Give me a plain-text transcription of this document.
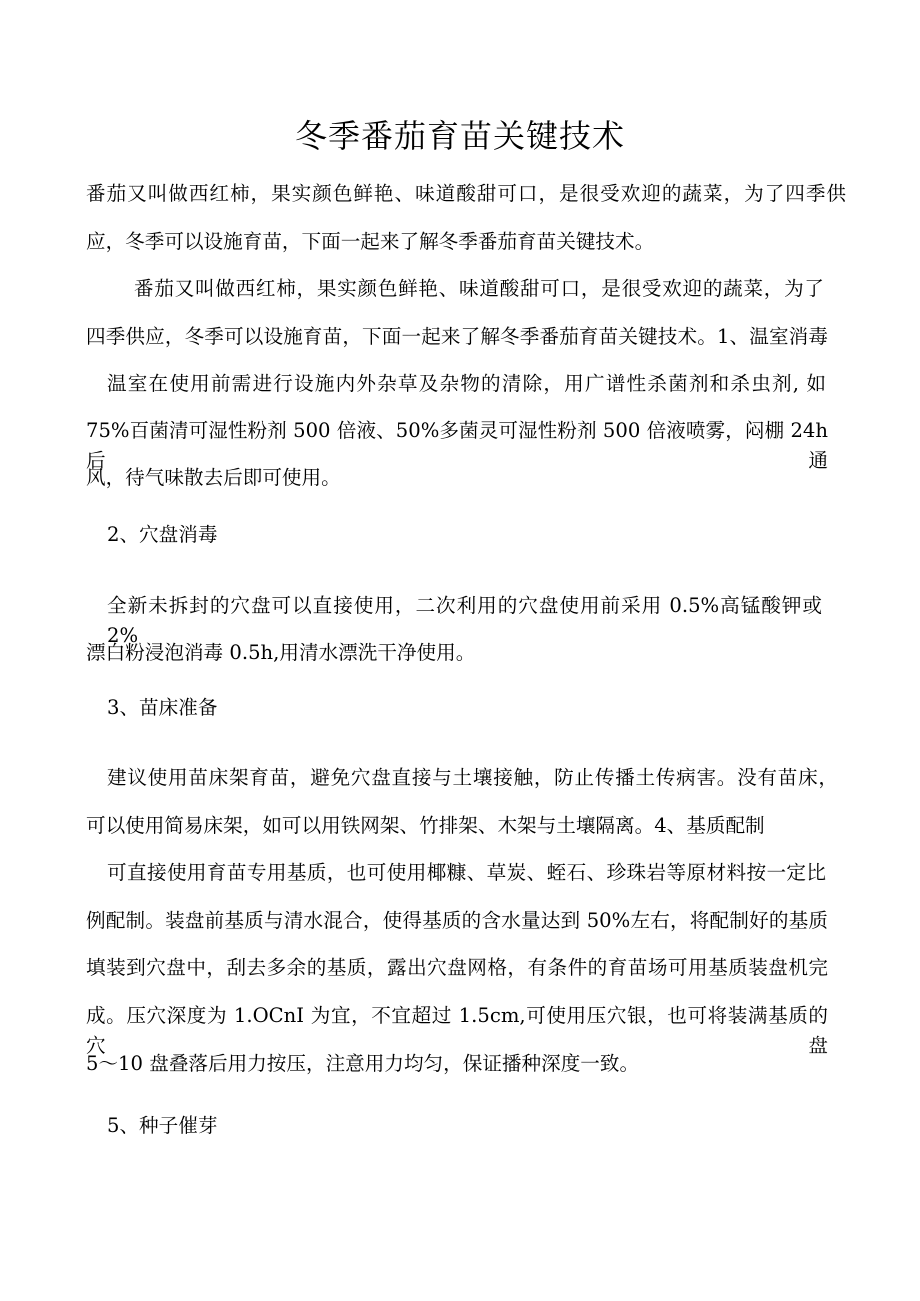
冬季番茄育苗关键技术

番茄又叫做西红柿，果实颜色鲜艳、味道酸甜可口，是很受欢迎的蔬菜，为了四季供

应，冬季可以设施育苗，下面一起来了解冬季番茄育苗关键技术。

番茄又叫做西红柿，果实颜色鲜艳、味道酸甜可口，是很受欢迎的蔬菜，为了

四季供应，冬季可以设施育苗，下面一起来了解冬季番茄育苗关键技术。1、温室消毒

温室在使用前需进行设施内外杂草及杂物的清除，用广谱性杀菌剂和杀虫剂, 如

75%百菌清可湿性粉剂 500 倍液、50%多菌灵可湿性粉剂 500 倍液喷雾，闷棚 24h 后通

风，待气味散去后即可使用。

2、穴盘消毒

全新未拆封的穴盘可以直接使用，二次利用的穴盘使用前采用 0.5%高锰酸钾或 2%

漂白粉浸泡消毒 0.5h,用清水漂洗干净使用。

3、苗床准备

建议使用苗床架育苗，避免穴盘直接与土壤接触，防止传播土传病害。没有苗床，

可以使用简易床架，如可以用铁网架、竹排架、木架与土壤隔离。4、基质配制

可直接使用育苗专用基质，也可使用椰糠、草炭、蛭石、珍珠岩等原材料按一定比

例配制。装盘前基质与清水混合，使得基质的含水量达到 50%左右，将配制好的基质

填装到穴盘中，刮去多余的基质，露出穴盘网格，有条件的育苗场可用基质装盘机完

成。压穴深度为 1.OCnI 为宜，不宜超过 1.5cm,可使用压穴银，也可将装满基质的穴盘

5～10 盘叠落后用力按压，注意用力均匀，保证播种深度一致。

5、种子催芽
